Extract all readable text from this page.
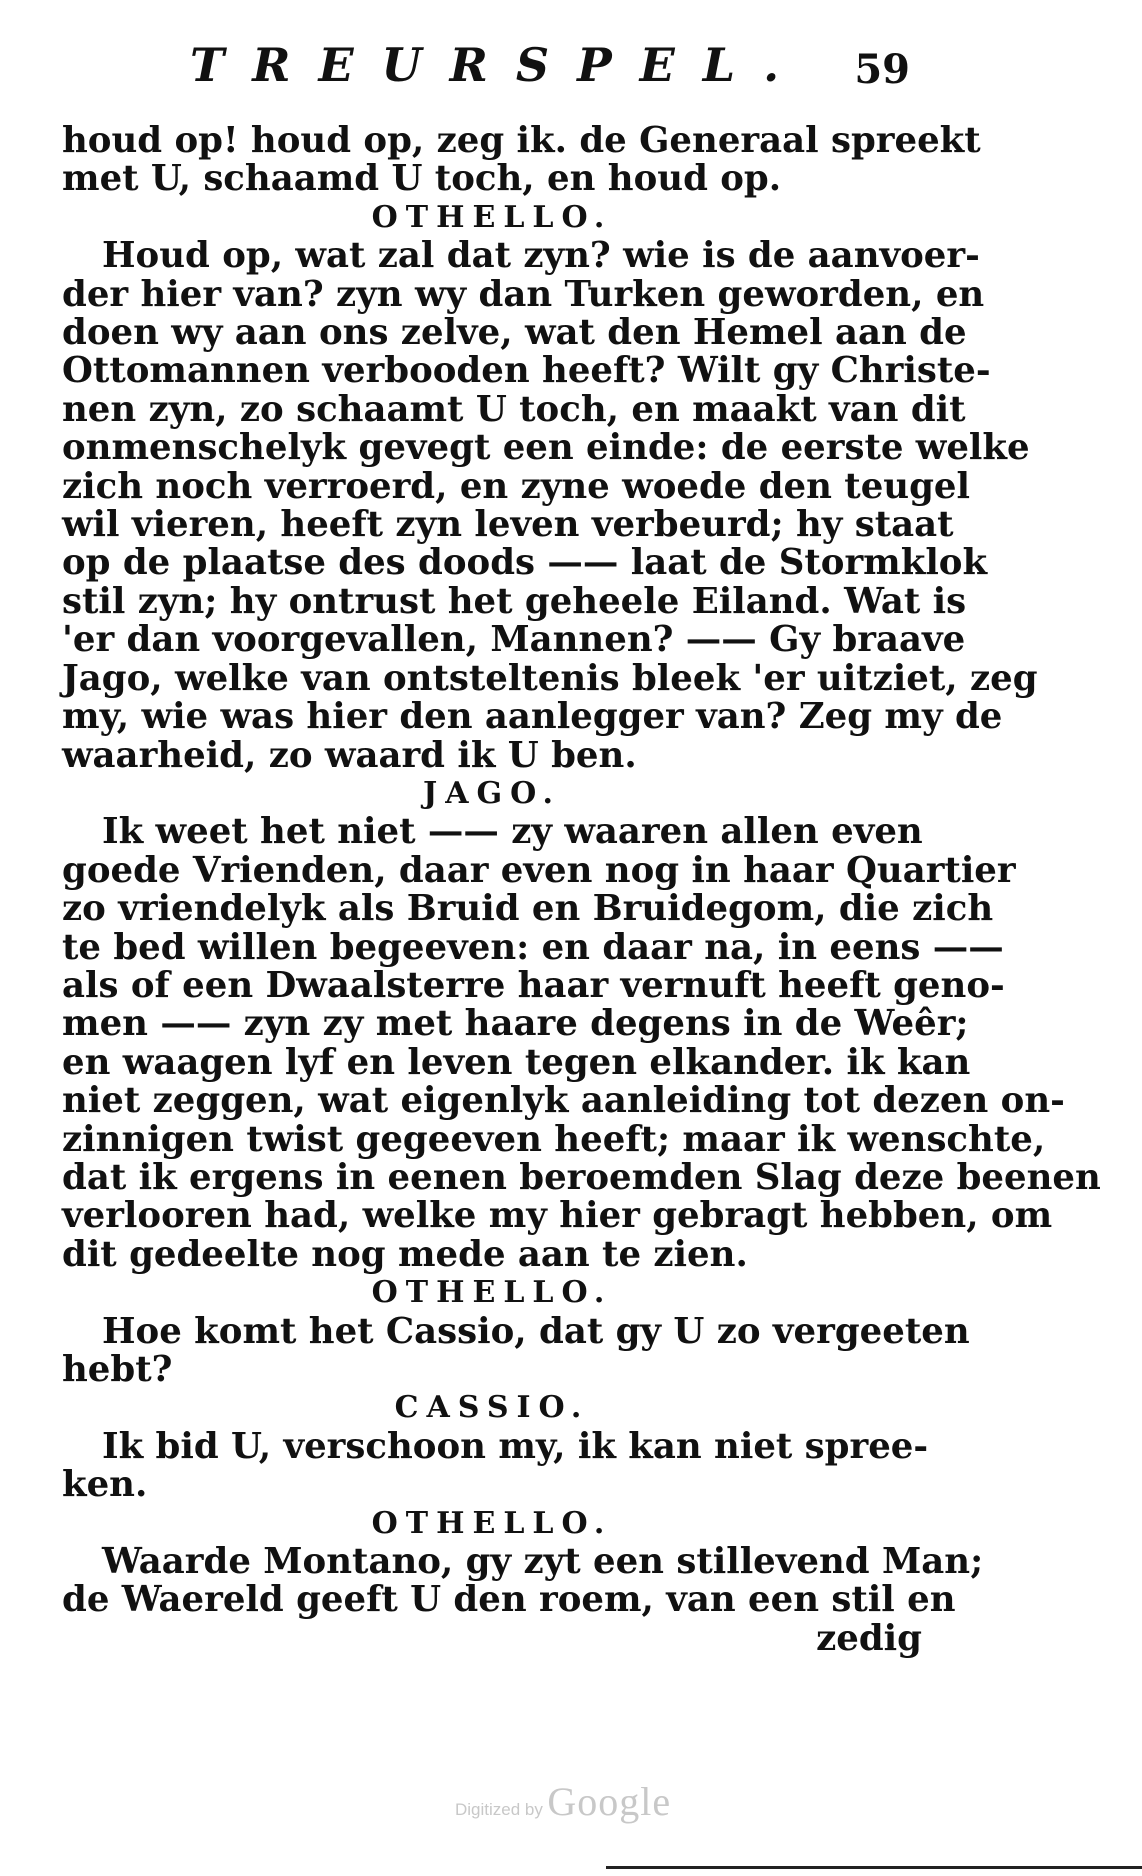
TREURSPEL. 59
houd op! houd op, zeg ik. de Generaal spreekt
met U, schaamd U toch, en houd op.
OTHELLO.
Houd op, wat zal dat zyn? wie is de aanvoer-
der hier van? zyn wy dan Turken geworden, en
doen wy aan ons zelve, wat den Hemel aan de
Ottomannen verbooden heeft? Wilt gy Christe-
nen zyn, zo schaamt U toch, en maakt van dit
onmenschelyk gevegt een einde: de eerste welke
zich noch verroerd, en zyne woede den teugel
wil vieren, heeft zyn leven verbeurd; hy staat
op de plaatse des doods —— laat de Stormklok
stil zyn; hy ontrust het geheele Eiland. Wat is
'er dan voorgevallen, Mannen? —— Gy braave
Jago, welke van ontsteltenis bleek 'er uitziet, zeg
my, wie was hier den aanlegger van? Zeg my de
waarheid, zo waard ik U ben.
JAGO.
Ik weet het niet —— zy waaren allen even
goede Vrienden, daar even nog in haar Quartier
zo vriendelyk als Bruid en Bruidegom, die zich
te bed willen begeeven: en daar na, in eens ——
als of een Dwaalsterre haar vernuft heeft geno-
men —— zyn zy met haare degens in de Weêr;
en waagen lyf en leven tegen elkander. ik kan
niet zeggen, wat eigenlyk aanleiding tot dezen on-
zinnigen twist gegeeven heeft; maar ik wenschte,
dat ik ergens in eenen beroemden Slag deze beenen
verlooren had, welke my hier gebragt hebben, om
dit gedeelte nog mede aan te zien.
OTHELLO.
Hoe komt het Cassio, dat gy U zo vergeeten
hebt?
CASSIO.
Ik bid U, verschoon my, ik kan niet spree-
ken.
OTHELLO.
Waarde Montano, gy zyt een stillevend Man;
de Waereld geeft U den roem, van een stil en
zedig
Digitized by Google
